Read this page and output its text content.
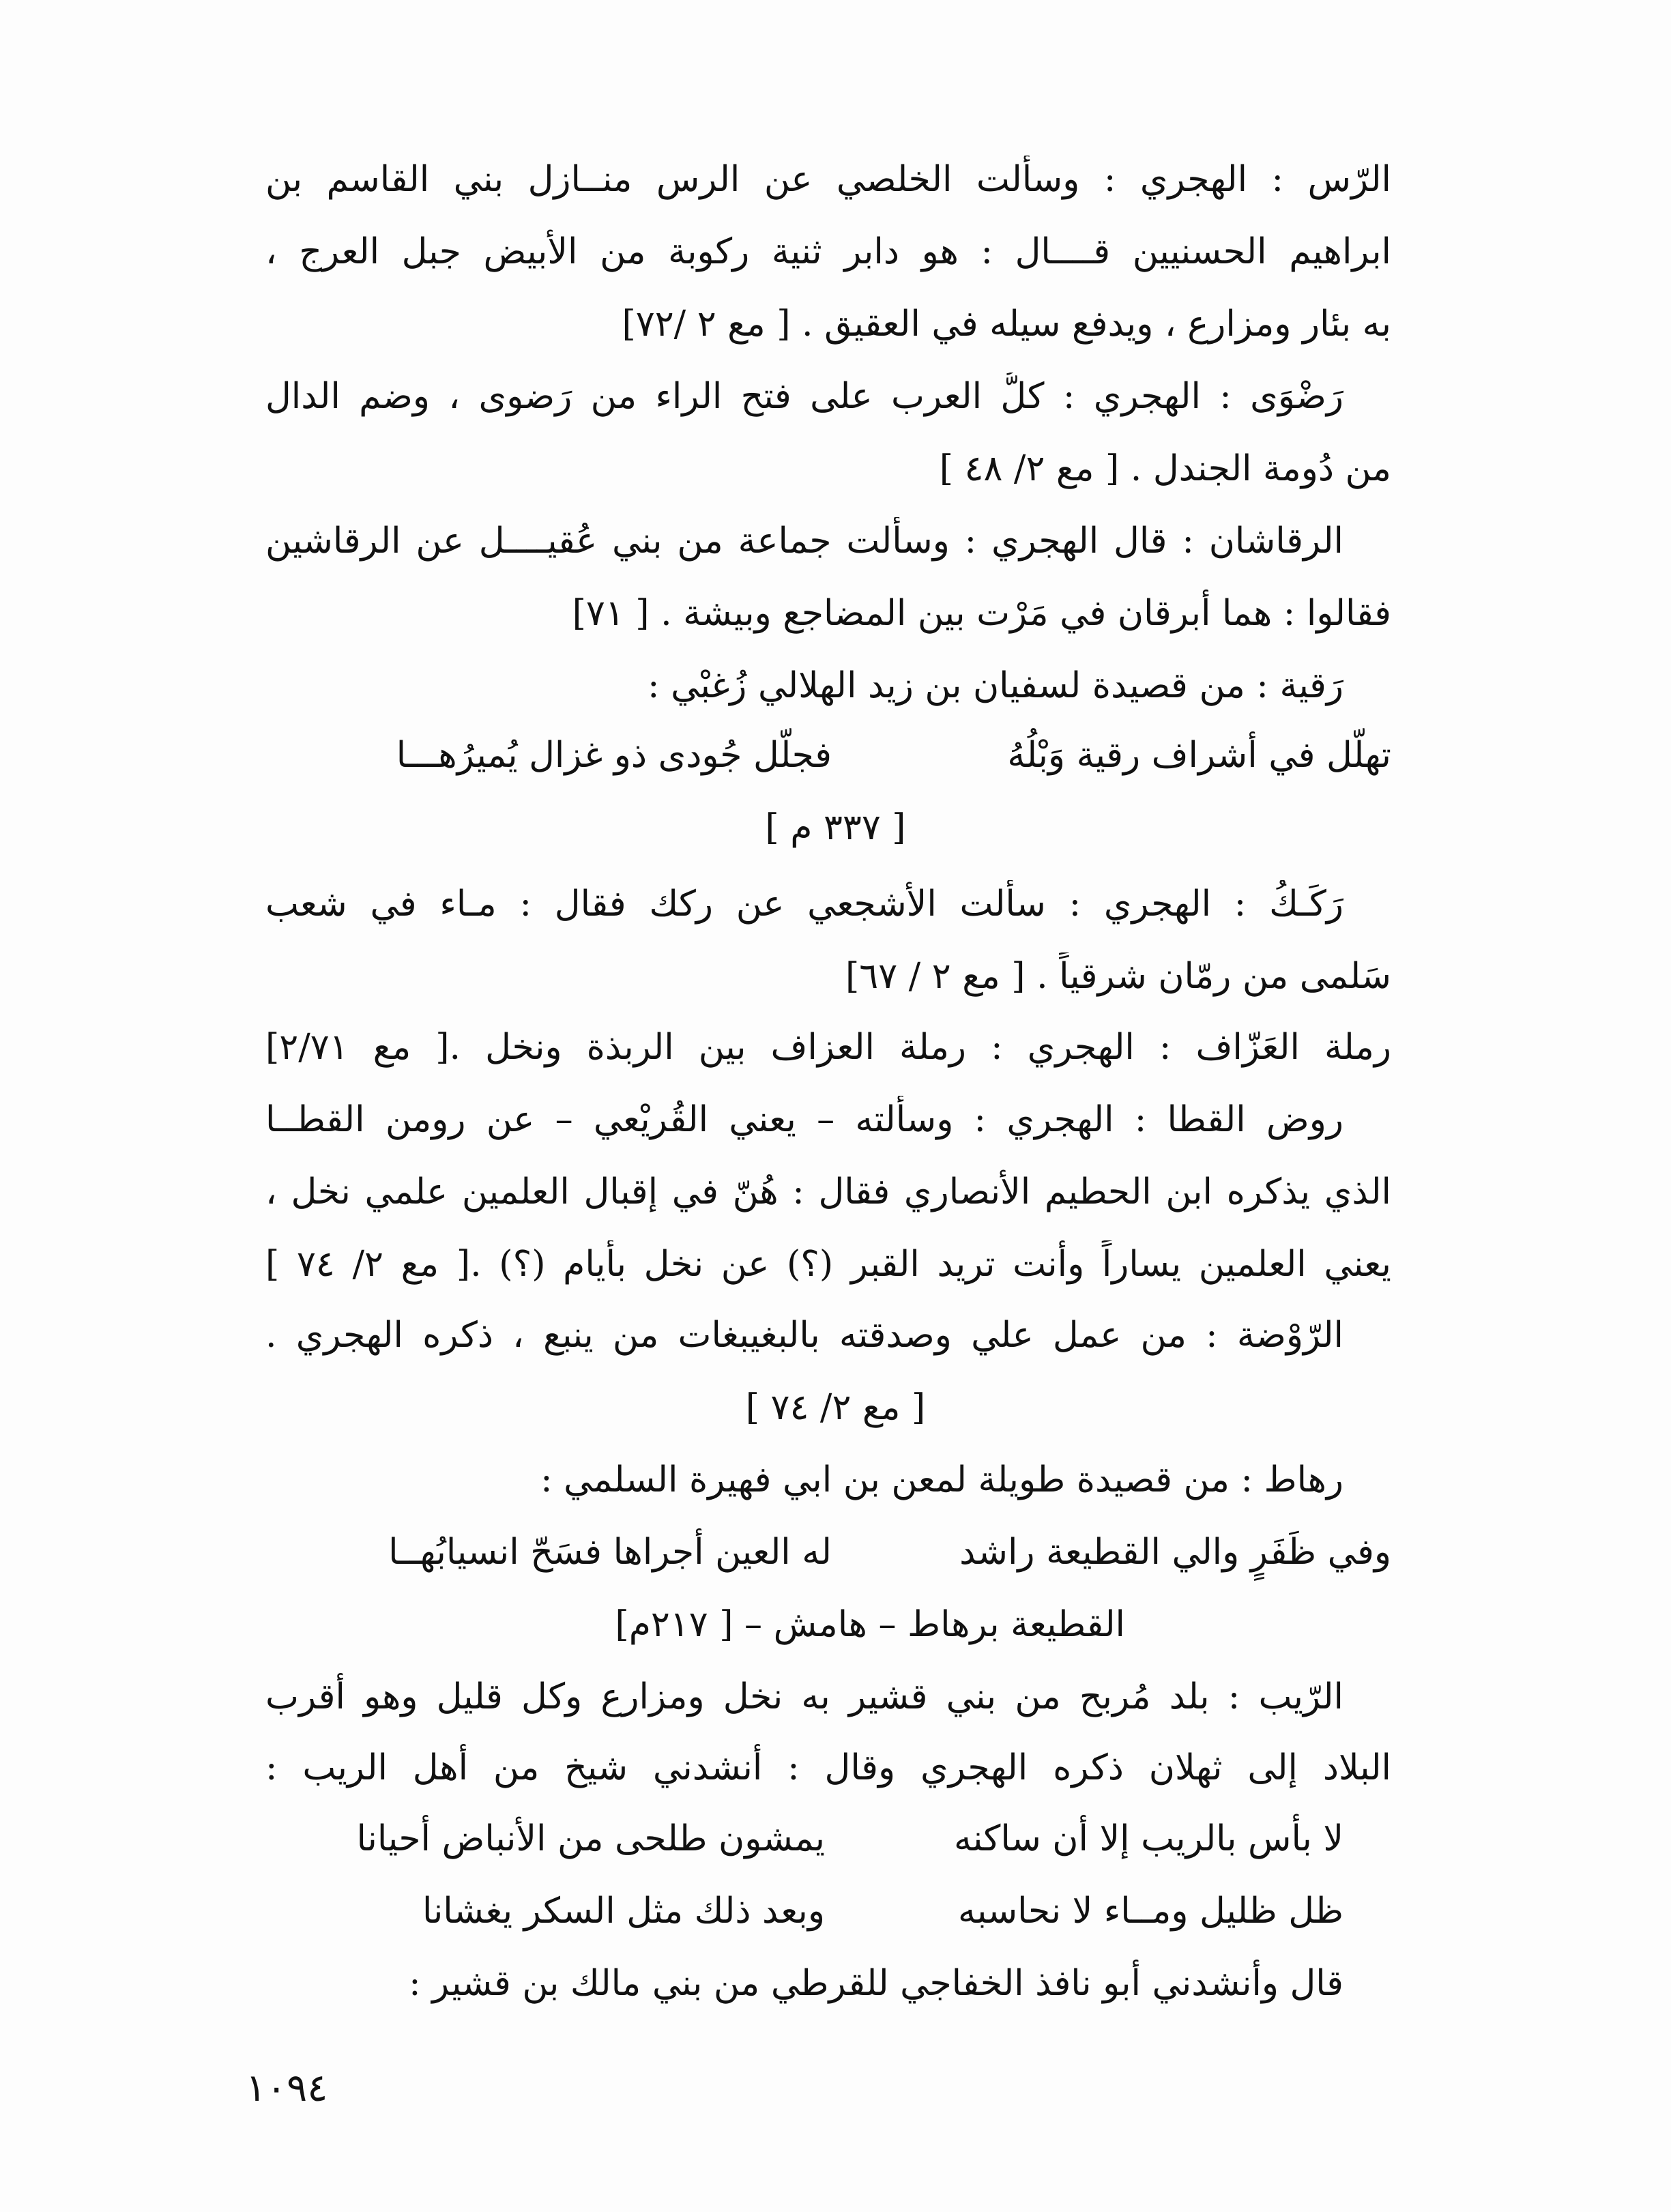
الرّس : الهجري : وسألت الخلصي عن الرس منــازل بني القاسم بن
ابراهيم الحسنيين قــــال : هو دابر ثنية ركوبة من الأبيض جبل العرج ،
به بئار ومزارع ، ويدفع سيله في العقيق . [ مع ٢ /٧٢]
رَضْوَى : الهجري : كلُّ العرب على فتح الراء من رَضوى ، وضم الدال
من دُومة الجندل . [ مع ٢/ ٤٨ ]
الرقاشان : قال الهجري : وسألت جماعة من بني عُقيــــل عن الرقاشين
فقالوا : هما أبرقان في مَرْت بين المضاجع وبيشة . [ ٧١]
رَقية : من قصيدة لسفيان بن زيد الهلالي زُغبْي :
تهلّل في أشراف رقية وَبْلُهُ
فجلّل جُودى ذو غزال يُميرُهـــا
[ ٣٣٧ م ]
رَكَـكُ : الهجري : سألت الأشجعي عن ركك فقال : مـاء في شعب
سَلمى من رمّان شرقياً . [ مع ٢ / ٦٧]
رملة العَزّاف : الهجري : رملة العزاف بين الربذة ونخل .[ مع ٢/٧١]
روض القطا : الهجري : وسألته – يعني القُريْعي – عن رومن القطــا
الذي يذكره ابن الحطيم الأنصاري فقال : هُنّ في إقبال العلمين علمي نخل ،
يعني العلمين يساراً وأنت تريد القبر (؟) عن نخل بأيام (؟) .[ مع ٢/ ٧٤ ]
الرّوْضة : من عمل علي وصدقته بالبغيبغات من ينبع ، ذكره الهجري .
[ مع ٢/ ٧٤ ]
رهاط : من قصيدة طويلة لمعن بن ابي فهيرة السلمي :
وفي ظَفَرٍ والي القطيعة راشد
له العين أجراها فسَحّ انسيابُهــا
القطيعة برهاط – هامش – [ ٢١٧م]
الرّيب : بلد مُربح من بني قشير به نخل ومزارع وكل قليل وهو أقرب
البلاد إلى ثهلان ذكره الهجري وقال : أنشدني شيخ من أهل الريب :
لا بأس بالريب إلا أن ساكنه
يمشون طلحى من الأنباض أحيانا
ظل ظليل ومــاء لا نحاسبه
وبعد ذلك مثل السكر يغشانا
قال وأنشدني أبو نافذ الخفاجي للقرطي من بني مالك بن قشير :
١٠٩٤
